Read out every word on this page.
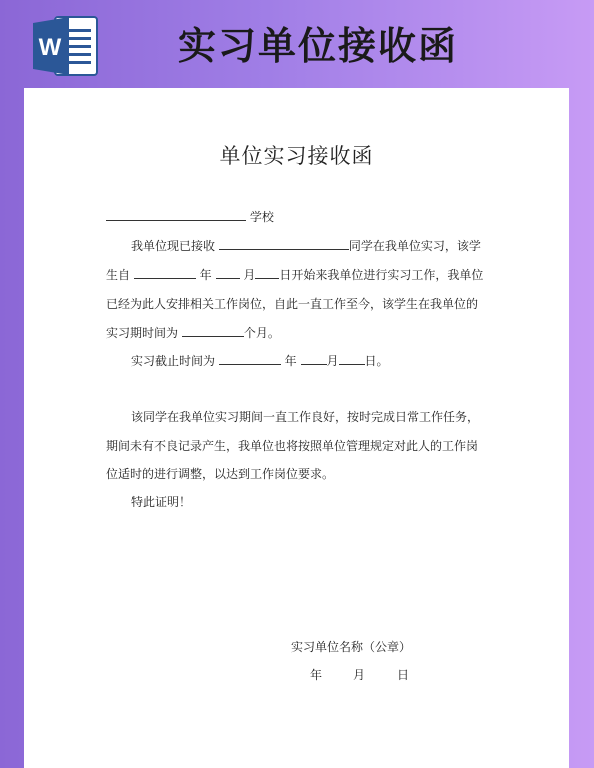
W	实习单位接收函
单位实习接收函
学校
我单位现已接收	同学在我单位实习，该学
生自	年	月 日开始来我单位进行实习工作，我单位
已经为此人安排相关工作岗位，自此一直工作至今，该学生在我单位的
实习期时间为	个月。
实习截止时间为	年 月 日。
该同学在我单位实习期间一直工作良好，按时完成日常工作任务，
期间未有不良记录产生，我单位也将按照单位管理规定对此人的工作岗
位适时的进行调整，以达到工作岗位要求。
特此证明！
实习单位名称（公章）
年	月	日
